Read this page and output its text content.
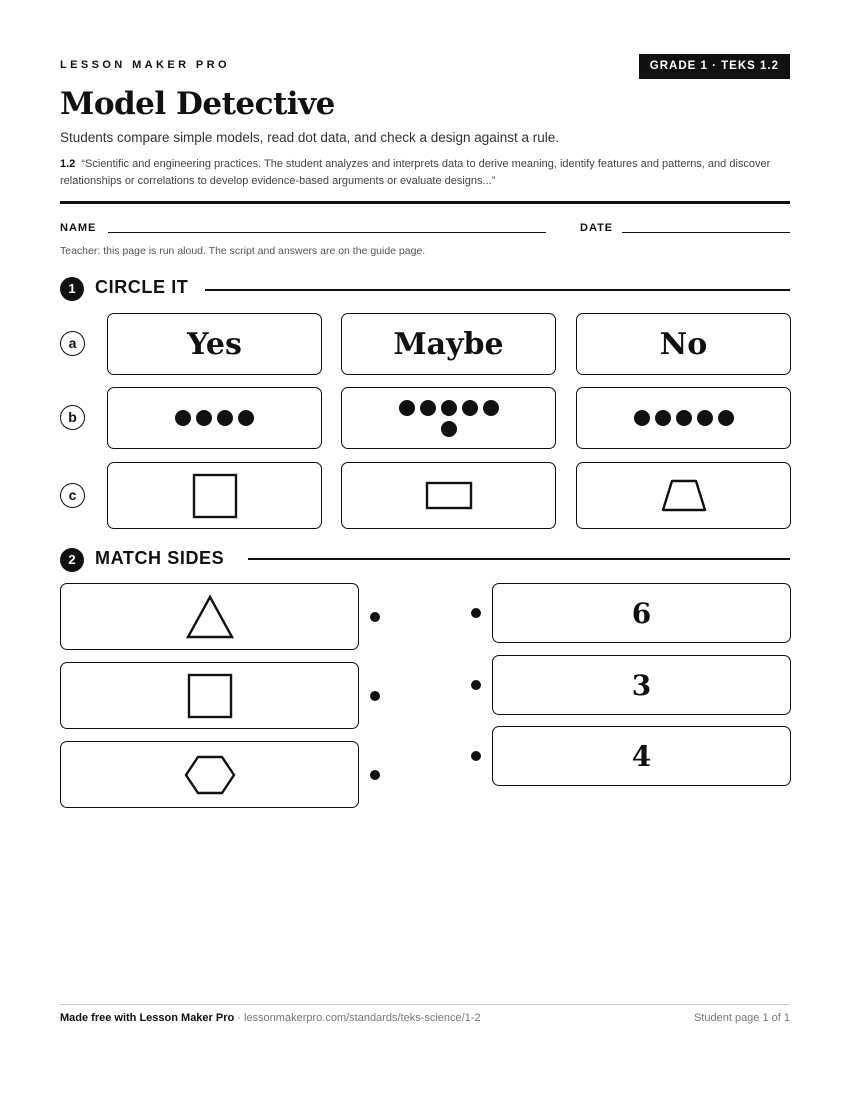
LESSON MAKER PRO	GRADE 1 · TEKS 1.2
Model Detective
Students compare simple models, read dot data, and check a design against a rule.
1.2 “Scientific and engineering practices. The student analyzes and interprets data to derive meaning, identify features and patterns, and discover relationships or correlations to develop evidence-based arguments or evaluate designs...”
NAME	DATE
Teacher: this page is run aloud. The script and answers are on the guide page.
1	CIRCLE IT
a	Yes	Maybe	No
b
c
2	MATCH SIDES
6
3
4
Made free with Lesson Maker Pro · lessonmakerpro.com/standards/teks-science/1-2	Student page 1 of 1
